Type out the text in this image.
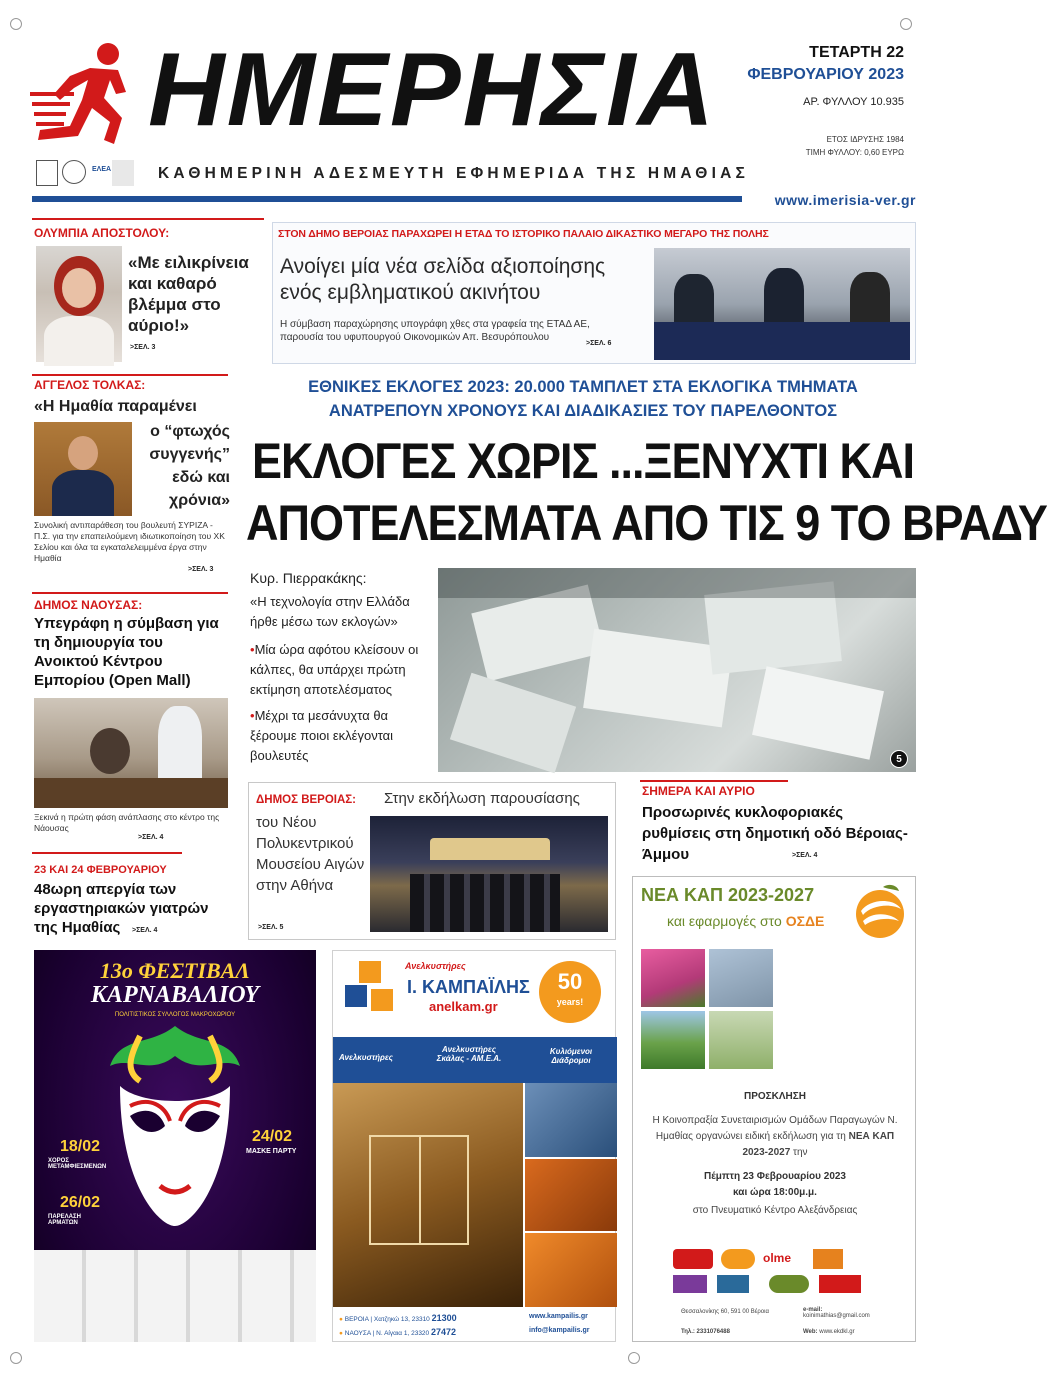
ΗΜΕΡΗΣΙΑ	ΤΕΤΑΡΤΗ 22
ΦΕΒΡΟΥΑΡΙΟΥ 2023
ΑΡ. ΦΥΛΛΟΥ 10.935
ΕΤΟΣ ΙΔΡΥΣΗΣ 1984
ΤΙΜΗ ΦΥΛΛΟΥ: 0,60 ΕΥΡΩ
ΕΛΕΑ	ΚΑΘΗΜΕΡΙΝΗ ΑΔΕΣΜΕΥΤΗ ΕΦΗΜΕΡΙΔΑ ΤΗΣ ΗΜΑΘΙΑΣ
www.imerisia-ver.gr
ΟΛΥΜΠΙΑ ΑΠΟΣΤΟΛΟΥ:
«Με ειλικρίνεια και καθαρό βλέμμα στο αύριο!»
>ΣΕΛ. 3
ΣΤΟΝ ΔΗΜΟ ΒΕΡΟΙΑΣ ΠΑΡΑΧΩΡΕΙ Η ΕΤΑΔ ΤΟ ΙΣΤΟΡΙΚΟ ΠΑΛΑΙΟ ΔΙΚΑΣΤΙΚΟ ΜΕΓΑΡΟ ΤΗΣ ΠΟΛΗΣ
Ανοίγει μία νέα σελίδα αξιοποίησης ενός εμβληματικού ακινήτου
Η σύμβαση παραχώρησης υπογράφη χθες στα γραφεία της ΕΤΑΔ ΑΕ, παρουσία του υφυπουργού Οικονομικών Απ. Βεσυρόπουλου
>ΣΕΛ. 6
ΑΓΓΕΛΟΣ ΤΟΛΚΑΣ:
«Η Ημαθία παραμένει
ο “φτωχός συγγενής” εδώ και χρόνια»
Συνολική αντιπαράθεση του βουλευτή ΣΥΡΙΖΑ - Π.Σ. για την επαπειλούμενη ιδιωτικοποίηση του ΧΚ Σελίου και όλα τα εγκαταλελειμμένα έργα στην Ημαθία
>ΣΕΛ. 3
ΔΗΜΟΣ ΝΑΟΥΣΑΣ:
Υπεγράφη η σύμβαση για τη δημιουργία του Ανοικτού Κέντρου Εμπορίου (Open Mall)
Ξεκινά η πρώτη φάση ανάπλασης στο κέντρο της Νάουσας
>ΣΕΛ. 4
23 ΚΑΙ 24 ΦΕΒΡΟΥΑΡΙΟΥ
48ωρη απεργία των εργαστηριακών γιατρών της Ημαθίας	>ΣΕΛ. 4
ΕΘΝΙΚΕΣ ΕΚΛΟΓΕΣ 2023: 20.000 ΤΑΜΠΛΕΤ ΣΤΑ ΕΚΛΟΓΙΚΑ ΤΜΗΜΑΤΑ
ΑΝΑΤΡΕΠΟΥΝ ΧΡΟΝΟΥΣ ΚΑΙ ΔΙΑΔΙΚΑΣΙΕΣ ΤΟΥ ΠΑΡΕΛΘΟΝΤΟΣ
ΕΚΛΟΓΕΣ ΧΩΡΙΣ ...ΞΕΝΥΧΤΙ ΚΑΙ
ΑΠΟΤΕΛΕΣΜΑΤΑ ΑΠΟ ΤΙΣ 9 ΤΟ ΒΡΑΔΥ
Κυρ. Πιερρακάκης:
«Η τεχνολογία στην Ελλάδα ήρθε μέσω των εκλογών»
•Μία ώρα αφότου κλείσουν οι κάλπες, θα υπάρχει πρώτη εκτίμηση αποτελέσματος
•Μέχρι τα μεσάνυχτα θα ξέρουμε ποιοι εκλέγονται βουλευτές	5
ΔΗΜΟΣ ΒΕΡΟΙΑΣ: Στην εκδήλωση παρουσίασης
του Νέου Πολυκεντρικού Μουσείου Αιγών στην Αθήνα
>ΣΕΛ. 5
ΣΗΜΕΡΑ ΚΑΙ ΑΥΡΙΟ
Προσωρινές κυκλοφοριακές ρυθμίσεις στη δημοτική οδό Βέροιας-Άμμου	>ΣΕΛ. 4
13ο ΦΕΣΤΙΒΑΛ
ΚΑΡΝΑΒΑΛΙΟΥ
ΠΟΛΙΤΙΣΤΙΚΟΣ ΣΥΛΛΟΓΟΣ ΜΑΚΡΟΧΩΡΙΟΥ
18/02
ΧΟΡΟΣ ΜΕΤΑΜΦΙΕΣΜΕΝΩΝ
24/02
ΜΑΣΚΕ ΠΑΡΤΥ
26/02
ΠΑΡΕΛΑΣΗ ΑΡΜΑΤΩΝ
Ανελκυστήρες
Ι. ΚΑΜΠΑΪΛΗΣ
anelkam.gr
50
years!
Ανελκυστήρες
Ανελκυστήρες Σκάλας - ΑΜ.Ε.Α.
Κυλιόμενοι Διάδρομοι
● ΒΕΡΟΙΑ | Χατζηκώ 13, 23310 21300
● ΝΑΟΥΣΑ | Ν. Αίγαια 1, 23320 27472
www.kampailis.gr
info@kampailis.gr
ΝΕΑ ΚΑΠ 2023-2027
και εφαρμογές στο ΟΣΔΕ
ΠΡΟΣΚΛΗΣΗ
Η Κοινοπραξία Συνεταιρισμών Ομάδων Παραγωγών Ν. Ημαθίας οργανώνει ειδική εκδήλωση για τη ΝΕΑ ΚΑΠ 2023-2027 την
Πέμπτη 23 Φεβρουαρίου 2023
και ώρα 18:00μ.μ.
στο Πνευματικό Κέντρο Αλεξάνδρειας
olme
Θεσσαλονίκης 60, 591 00 Βέροια
Τηλ.: 2331076488
e-mail:
koinimathias@gmail.com
Web: www.ekdkl.gr
